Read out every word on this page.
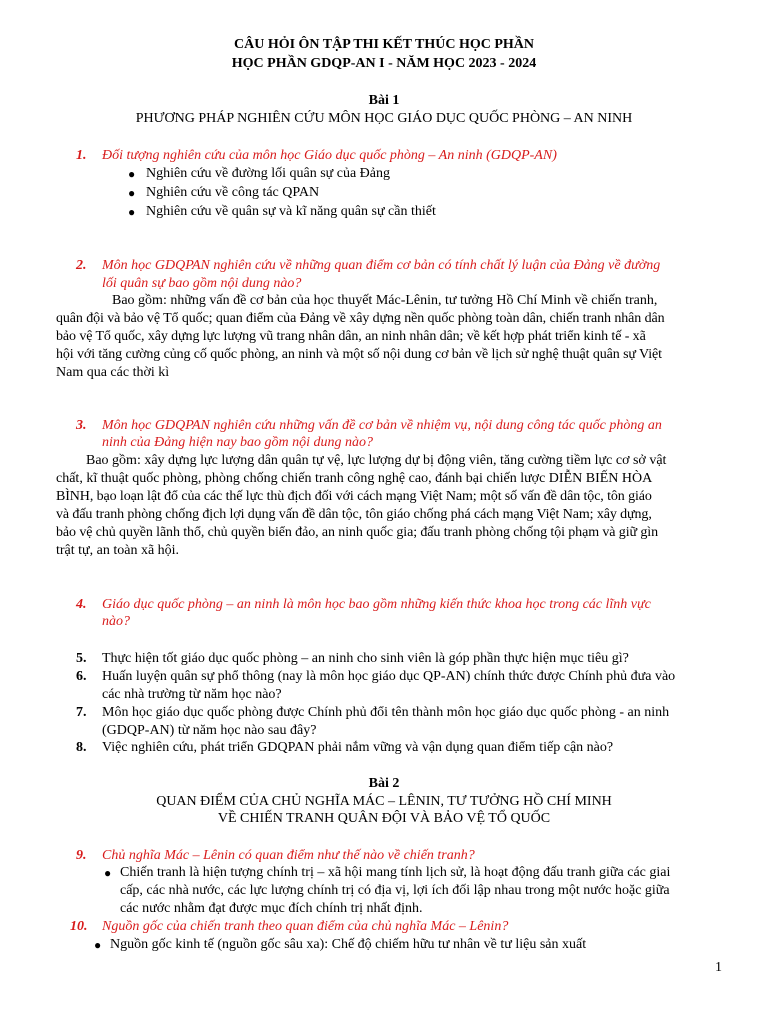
CÂU HỎI ÔN TẬP THI KẾT THÚC HỌC PHẦN
HỌC PHẦN GDQP-AN I - NĂM HỌC 2023 - 2024
Bài 1
PHƯƠNG PHÁP NGHIÊN CỨU MÔN HỌC GIÁO DỤC QUỐC PHÒNG – AN NINH
1. Đối tượng nghiên cứu của môn học Giáo dục quốc phòng – An ninh (GDQP-AN)
● Nghiên cứu về đường lối quân sự của Đảng
● Nghiên cứu về công tác QPAN
● Nghiên cứu về quân sự và kĩ năng quân sự cần thiết
2. Môn học GDQPAN nghiên cứu về những quan điểm cơ bản có tính chất lý luận của Đảng về đường
lối quân sự bao gồm nội dung nào?
Bao gồm: những vấn đề cơ bản của học thuyết Mác-Lênin, tư tưởng Hồ Chí Minh về chiến tranh,
quân đội và bảo vệ Tổ quốc; quan điểm của Đảng về xây dựng nền quốc phòng toàn dân, chiến tranh nhân dân
bảo vệ Tổ quốc, xây dựng lực lượng vũ trang nhân dân, an ninh nhân dân; về kết hợp phát triển kinh tế - xã
hội với tăng cường củng cố quốc phòng, an ninh và một số nội dung cơ bản về lịch sử nghệ thuật quân sự Việt
Nam qua các thời kì
3. Môn học GDQPAN nghiên cứu những vấn đề cơ bản về nhiệm vụ, nội dung công tác quốc phòng an
ninh của Đảng hiện nay bao gồm nội dung nào?
Bao gồm: xây dựng lực lượng dân quân tự vệ, lực lượng dự bị động viên, tăng cường tiềm lực cơ sở vật
chất, kĩ thuật quốc phòng, phòng chống chiến tranh công nghệ cao, đánh bại chiến lược DIỄN BIẾN HÒA
BÌNH, bạo loạn lật đổ của các thế lực thù địch đối với cách mạng Việt Nam; một số vấn đề dân tộc, tôn giáo
và đấu tranh phòng chống địch lợi dụng vấn đề dân tộc, tôn giáo chống phá cách mạng Việt Nam; xây dựng,
bảo vệ chủ quyền lãnh thổ, chủ quyền biển đảo, an ninh quốc gia; đấu tranh phòng chống tội phạm và giữ gìn
trật tự, an toàn xã hội.
4. Giáo dục quốc phòng – an ninh là môn học bao gồm những kiến thức khoa học trong các lĩnh vực
nào?
5. Thực hiện tốt giáo dục quốc phòng – an ninh cho sinh viên là góp phần thực hiện mục tiêu gì?
6. Huấn luyện quân sự phổ thông (nay là môn học giáo dục QP-AN) chính thức được Chính phủ đưa vào
các nhà trường từ năm học nào?
7. Môn học giáo dục quốc phòng được Chính phủ đổi tên thành môn học giáo dục quốc phòng - an ninh
(GDQP-AN) từ năm học nào sau đây?
8. Việc nghiên cứu, phát triển GDQPAN phải nắm vững và vận dụng quan điểm tiếp cận nào?
Bài 2
QUAN ĐIỂM CỦA CHỦ NGHĨA MÁC – LÊNIN, TƯ TƯỞNG HỒ CHÍ MINH
VỀ CHIẾN TRANH QUÂN ĐỘI VÀ BẢO VỆ TỔ QUỐC
9. Chủ nghĩa Mác – Lênin có quan điểm như thế nào về chiến tranh?
● Chiến tranh là hiện tượng chính trị – xã hội mang tính lịch sử, là hoạt động đấu tranh giữa các giai
cấp, các nhà nước, các lực lượng chính trị có địa vị, lợi ích đối lập nhau trong một nước hoặc giữa
các nước nhằm đạt được mục đích chính trị nhất định.
10. Nguồn gốc của chiến tranh theo quan điểm của chủ nghĩa Mác – Lênin?
● Nguồn gốc kinh tế (nguồn gốc sâu xa): Chế độ chiếm hữu tư nhân về tư liệu sản xuất
1
